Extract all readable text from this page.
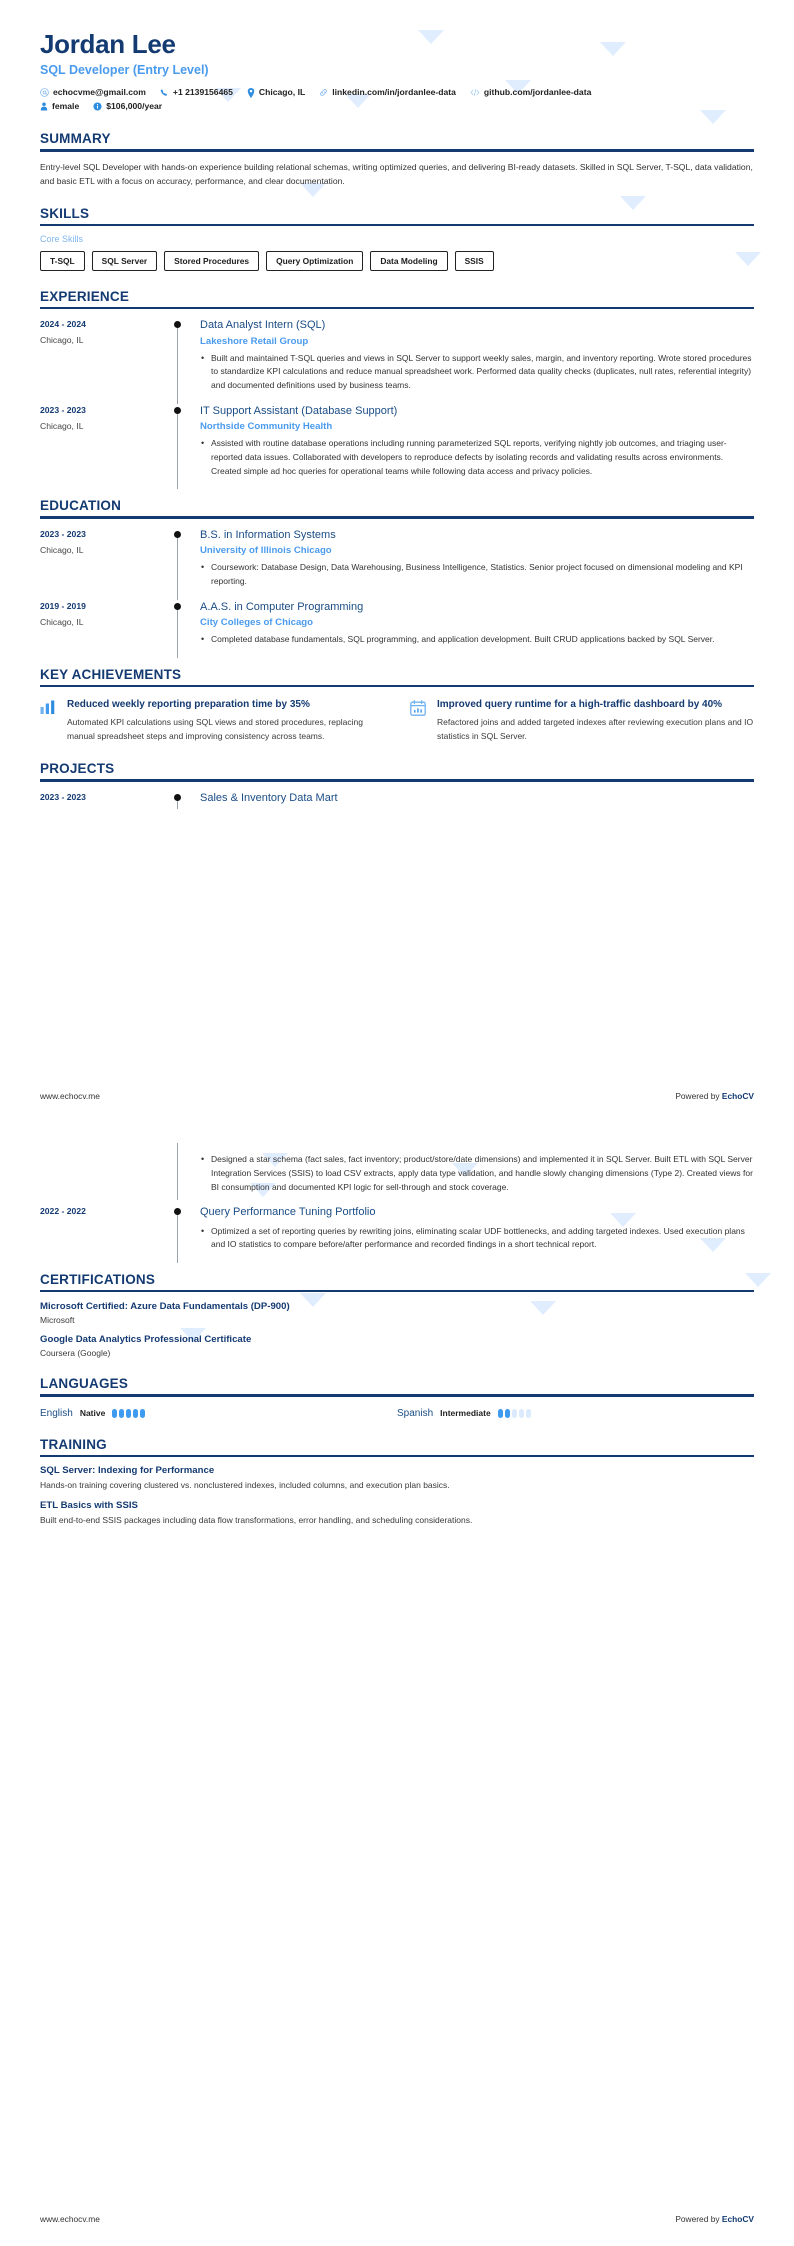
Jordan Lee
SQL Developer (Entry Level)
echocvme@gmail.com	+1 2139156465	Chicago, IL	linkedin.com/in/jordanlee-data	github.com/jordanlee-data
female	$106,000/year
SUMMARY
Entry-level SQL Developer with hands-on experience building relational schemas, writing optimized queries, and delivering BI-ready datasets. Skilled in SQL Server, T-SQL, data validation, and basic ETL with a focus on accuracy, performance, and clear documentation.
SKILLS
Core Skills
T-SQL	SQL Server	Stored Procedures	Query Optimization	Data Modeling	SSIS
EXPERIENCE
2024 - 2024
Chicago, IL
Data Analyst Intern (SQL)
Lakeshore Retail Group
• Built and maintained T-SQL queries and views in SQL Server to support weekly sales, margin, and inventory reporting. Wrote stored procedures to standardize KPI calculations and reduce manual spreadsheet work. Performed data quality checks (duplicates, null rates, referential integrity) and documented definitions used by business teams.
2023 - 2023
Chicago, IL
IT Support Assistant (Database Support)
Northside Community Health
• Assisted with routine database operations including running parameterized SQL reports, verifying nightly job outcomes, and triaging user-reported data issues. Collaborated with developers to reproduce defects by isolating records and validating results across environments. Created simple ad hoc queries for operational teams while following data access and privacy policies.
EDUCATION
2023 - 2023
Chicago, IL
B.S. in Information Systems
University of Illinois Chicago
• Coursework: Database Design, Data Warehousing, Business Intelligence, Statistics. Senior project focused on dimensional modeling and KPI reporting.
2019 - 2019
Chicago, IL
A.A.S. in Computer Programming
City Colleges of Chicago
• Completed database fundamentals, SQL programming, and application development. Built CRUD applications backed by SQL Server.
KEY ACHIEVEMENTS
Reduced weekly reporting preparation time by 35%
Automated KPI calculations using SQL views and stored procedures, replacing manual spreadsheet steps and improving consistency across teams.
Improved query runtime for a high-traffic dashboard by 40%
Refactored joins and added targeted indexes after reviewing execution plans and IO statistics in SQL Server.
PROJECTS
2023 - 2023	Sales & Inventory Data Mart
www.echocv.me	Powered by EchoCV
• Designed a star schema (fact sales, fact inventory; product/store/date dimensions) and implemented it in SQL Server. Built ETL with SQL Server Integration Services (SSIS) to load CSV extracts, apply data type validation, and handle slowly changing dimensions (Type 2). Created views for BI consumption and documented KPI logic for sell-through and stock coverage.
2022 - 2022	Query Performance Tuning Portfolio
• Optimized a set of reporting queries by rewriting joins, eliminating scalar UDF bottlenecks, and adding targeted indexes. Used execution plans and IO statistics to compare before/after performance and recorded findings in a short technical report.
CERTIFICATIONS
Microsoft Certified: Azure Data Fundamentals (DP-900)
Microsoft
Google Data Analytics Professional Certificate
Coursera (Google)
LANGUAGES
English Native	Spanish Intermediate
TRAINING
SQL Server: Indexing for Performance
Hands-on training covering clustered vs. nonclustered indexes, included columns, and execution plan basics.
ETL Basics with SSIS
Built end-to-end SSIS packages including data flow transformations, error handling, and scheduling considerations.
www.echocv.me	Powered by EchoCV
